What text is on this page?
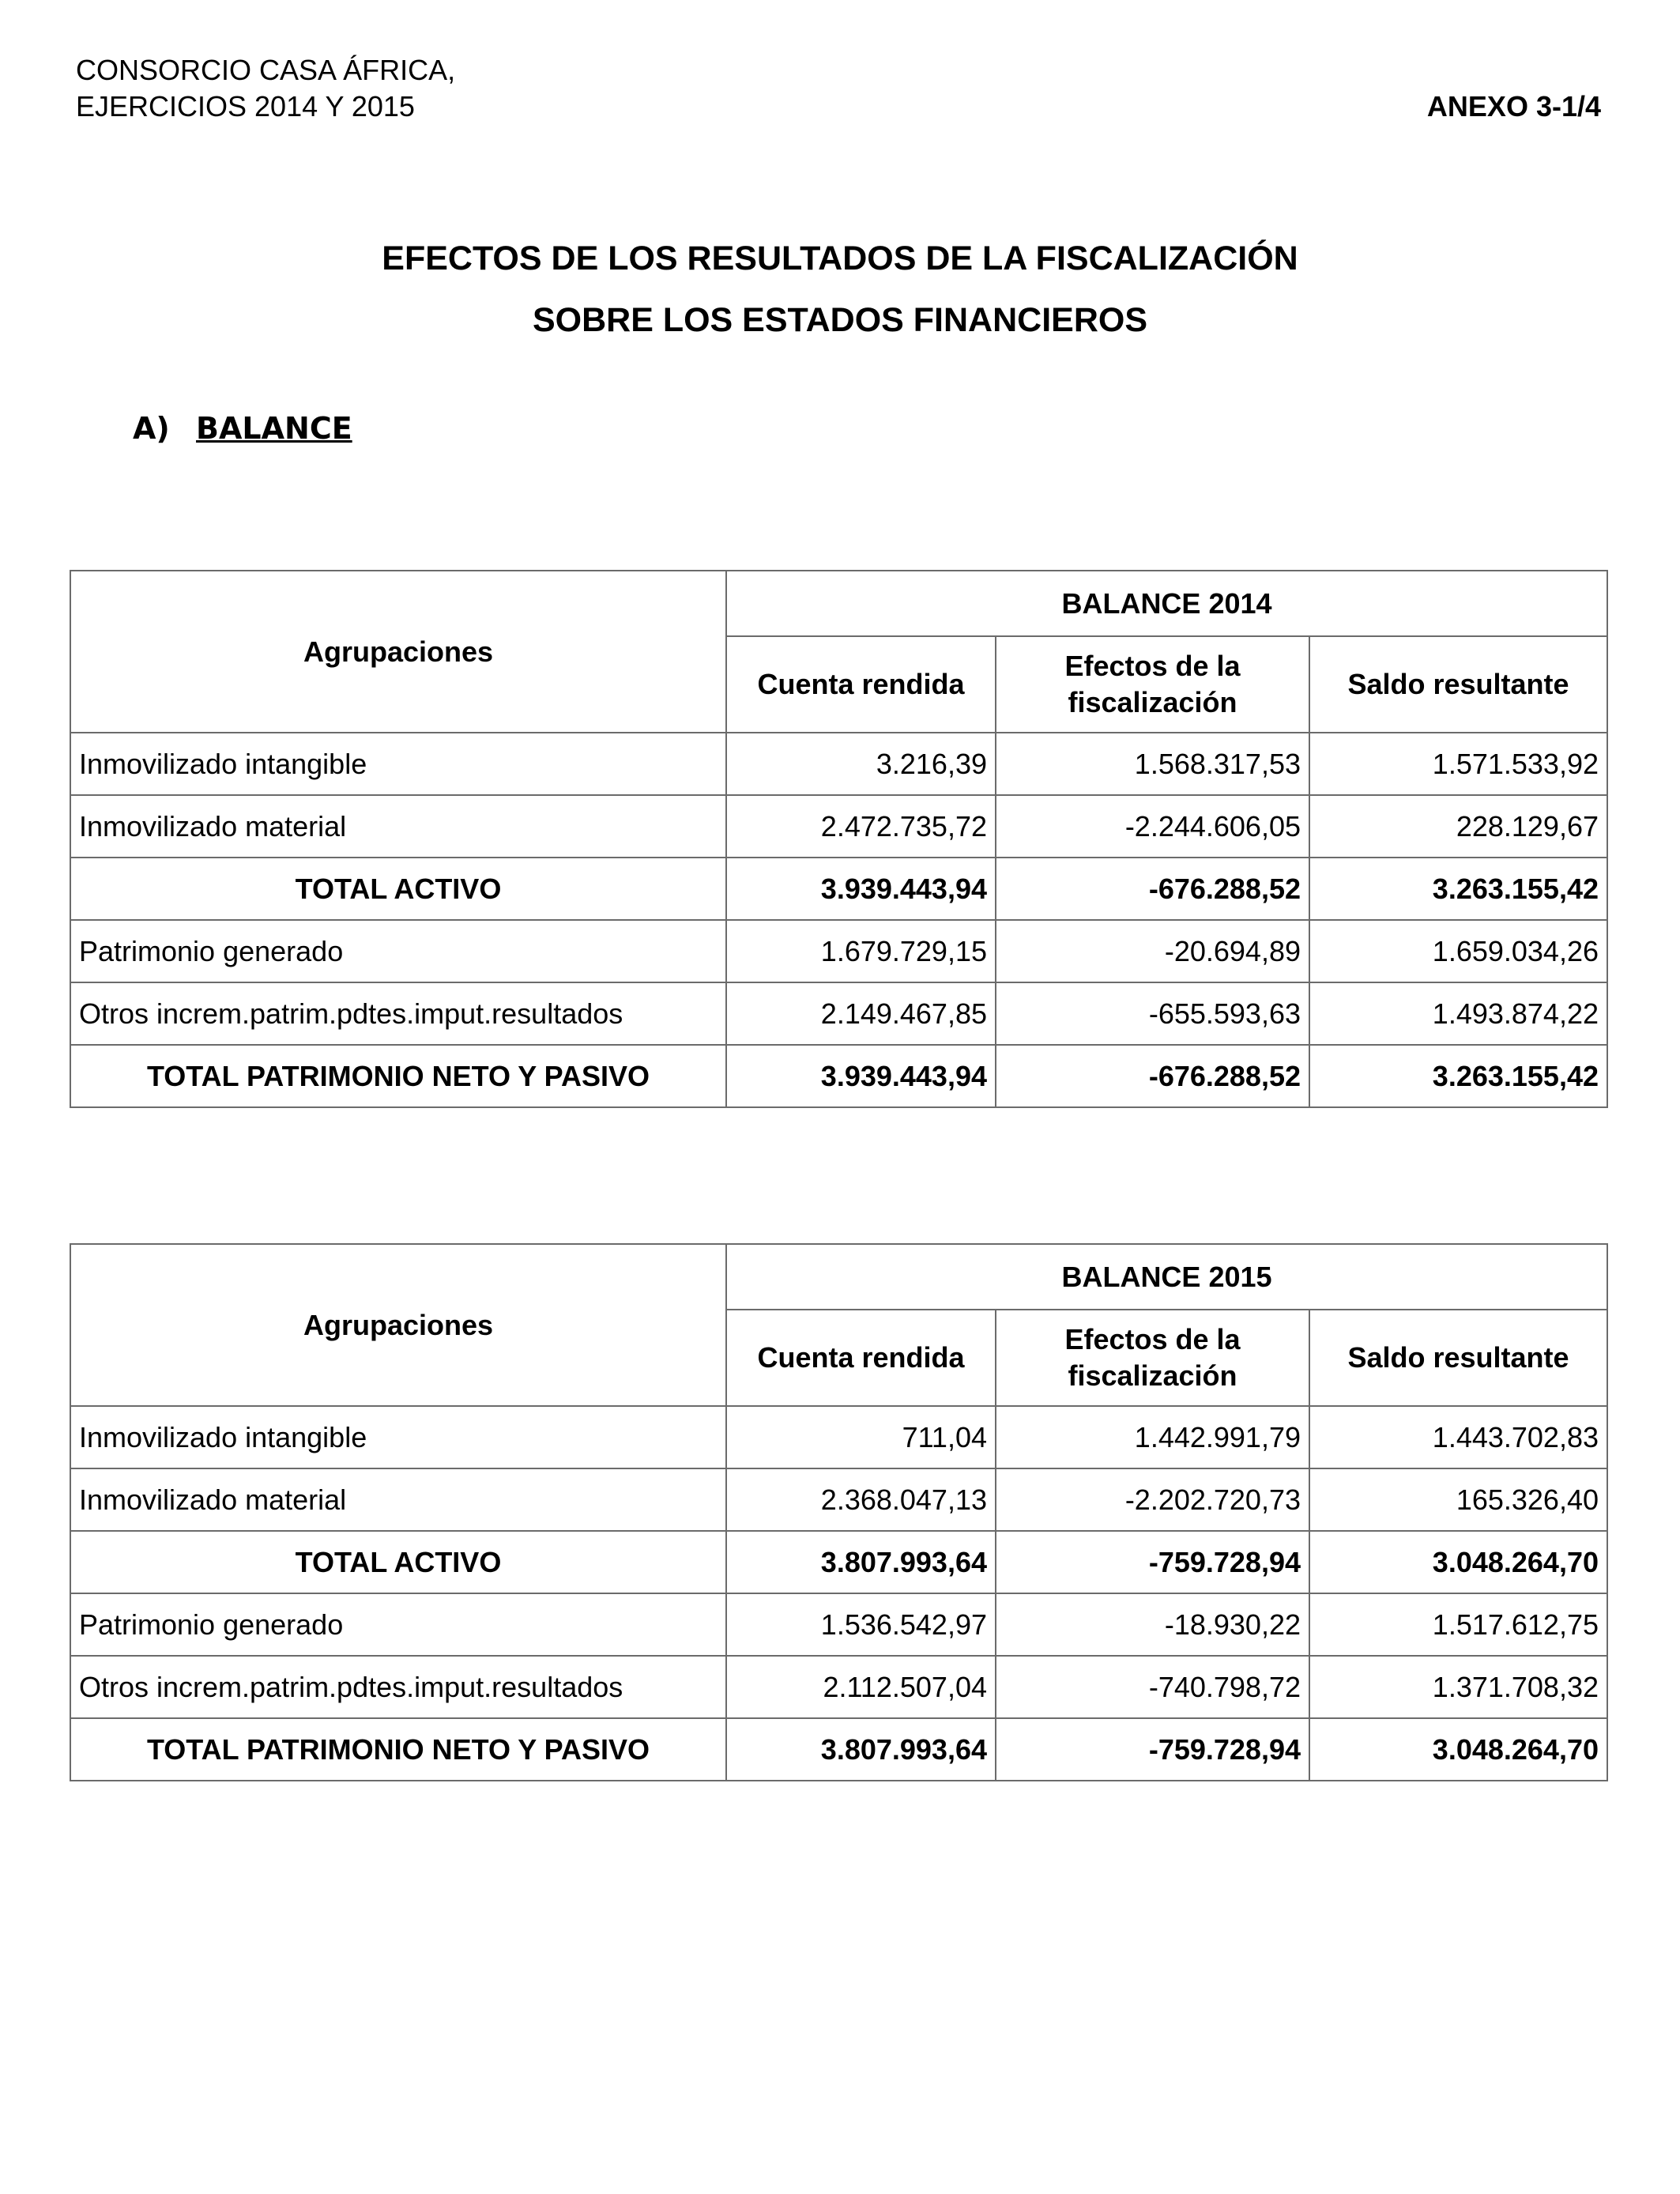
CONSORCIO CASA ÁFRICA,
EJERCICIOS 2014 Y 2015	ANEXO 3-1/4
EFECTOS DE LOS RESULTADOS DE LA FISCALIZACIÓN
SOBRE LOS ESTADOS FINANCIEROS
A) BALANCE
Agrupaciones	BALANCE 2014		
	Cuenta rendida	Efectos de la fiscalización	Saldo resultante
Inmovilizado intangible	3.216,39	1.568.317,53	1.571.533,92
Inmovilizado material	2.472.735,72	-2.244.606,05	228.129,67
TOTAL ACTIVO	3.939.443,94	-676.288,52	3.263.155,42
Patrimonio generado	1.679.729,15	-20.694,89	1.659.034,26
Otros increm.patrim.pdtes.imput.resultados	2.149.467,85	-655.593,63	1.493.874,22
TOTAL PATRIMONIO NETO Y PASIVO	3.939.443,94	-676.288,52	3.263.155,42
Agrupaciones	BALANCE 2015		
	Cuenta rendida	Efectos de la fiscalización	Saldo resultante
Inmovilizado intangible	711,04	1.442.991,79	1.443.702,83
Inmovilizado material	2.368.047,13	-2.202.720,73	165.326,40
TOTAL ACTIVO	3.807.993,64	-759.728,94	3.048.264,70
Patrimonio generado	1.536.542,97	-18.930,22	1.517.612,75
Otros increm.patrim.pdtes.imput.resultados	2.112.507,04	-740.798,72	1.371.708,32
TOTAL PATRIMONIO NETO Y PASIVO	3.807.993,64	-759.728,94	3.048.264,70
